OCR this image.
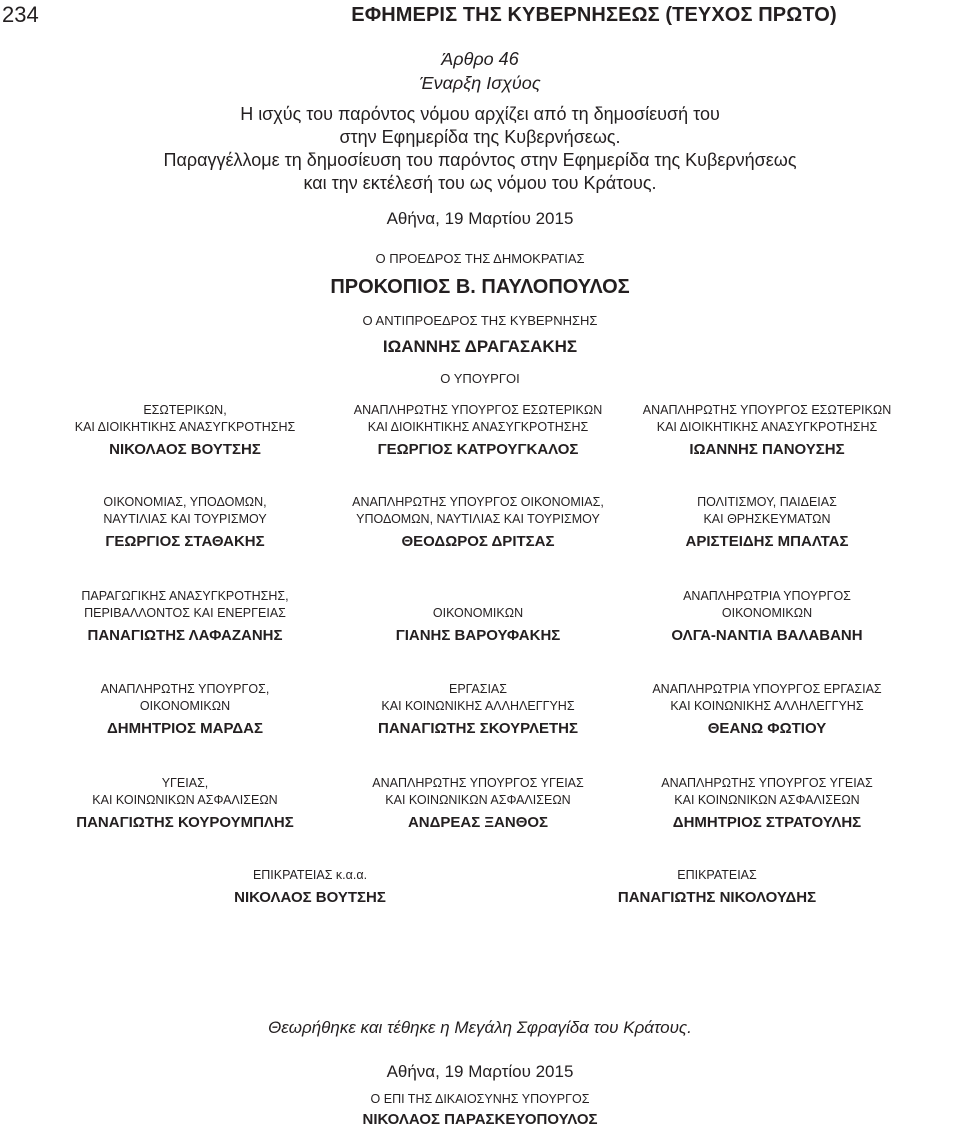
234	ΕΦΗΜΕΡΙΣ ΤΗΣ ΚΥΒΕΡΝΗΣΕΩΣ (ΤΕΥΧΟΣ ΠΡΩΤΟ)
Άρθρο 46
Έναρξη Ισχύος
Η ισχύς του παρόντος νόμου αρχίζει από τη δημοσίευσή του
στην Εφημερίδα της Κυβερνήσεως.
Παραγγέλλομε τη δημοσίευση του παρόντος στην Εφημερίδα της Κυβερνήσεως
και την εκτέλεσή του ως νόμου του Κράτους.
Αθήνα, 19 Μαρτίου 2015
Ο ΠΡΟΕΔΡΟΣ ΤΗΣ ΔΗΜΟΚΡΑΤΙΑΣ
ΠΡΟΚΟΠΙΟΣ Β. ΠΑΥΛΟΠΟΥΛΟΣ
Ο ΑΝΤΙΠΡΟΕΔΡΟΣ ΤΗΣ ΚΥΒΕΡΝΗΣΗΣ
ΙΩΑΝΝΗΣ ΔΡΑΓΑΣΑΚΗΣ
Ο ΥΠΟΥΡΓΟΙ
ΕΣΩΤΕΡΙΚΩΝ,
ΚΑΙ ΔΙΟΙΚΗΤΙΚΗΣ ΑΝΑΣΥΓΚΡΟΤΗΣΗΣ
ΝΙΚΟΛΑΟΣ ΒΟΥΤΣΗΣ
ΑΝΑΠΛΗΡΩΤΗΣ ΥΠΟΥΡΓΟΣ ΕΣΩΤΕΡΙΚΩΝ
ΚΑΙ ΔΙΟΙΚΗΤΙΚΗΣ ΑΝΑΣΥΓΚΡΟΤΗΣΗΣ
ΓΕΩΡΓΙΟΣ ΚΑΤΡΟΥΓΚΑΛΟΣ
ΑΝΑΠΛΗΡΩΤΗΣ ΥΠΟΥΡΓΟΣ ΕΣΩΤΕΡΙΚΩΝ
ΚΑΙ ΔΙΟΙΚΗΤΙΚΗΣ ΑΝΑΣΥΓΚΡΟΤΗΣΗΣ
ΙΩΑΝΝΗΣ ΠΑΝΟΥΣΗΣ
ΟΙΚΟΝΟΜΙΑΣ, ΥΠΟΔΟΜΩΝ,
ΝΑΥΤΙΛΙΑΣ ΚΑΙ ΤΟΥΡΙΣΜΟΥ
ΓΕΩΡΓΙΟΣ ΣΤΑΘΑΚΗΣ
ΑΝΑΠΛΗΡΩΤΗΣ ΥΠΟΥΡΓΟΣ ΟΙΚΟΝΟΜΙΑΣ,
ΥΠΟΔΟΜΩΝ, ΝΑΥΤΙΛΙΑΣ ΚΑΙ ΤΟΥΡΙΣΜΟΥ
ΘΕΟΔΩΡΟΣ ΔΡΙΤΣΑΣ
ΠΟΛΙΤΙΣΜΟΥ, ΠΑΙΔΕΙΑΣ
ΚΑΙ ΘΡΗΣΚΕΥΜΑΤΩΝ
ΑΡΙΣΤΕΙΔΗΣ ΜΠΑΛΤΑΣ
ΠΑΡΑΓΩΓΙΚΗΣ ΑΝΑΣΥΓΚΡΟΤΗΣΗΣ,
ΠΕΡΙΒΑΛΛΟΝΤΟΣ ΚΑΙ ΕΝΕΡΓΕΙΑΣ
ΠΑΝΑΓΙΩΤΗΣ ΛΑΦΑΖΑΝΗΣ

ΟΙΚΟΝΟΜΙΚΩΝ
ΓΙΑΝΗΣ ΒΑΡΟΥΦΑΚΗΣ
ΑΝΑΠΛΗΡΩΤΡΙΑ ΥΠΟΥΡΓΟΣ
ΟΙΚΟΝΟΜΙΚΩΝ
ΟΛΓΑ-ΝΑΝΤΙΑ ΒΑΛΑΒΑΝΗ
ΑΝΑΠΛΗΡΩΤΗΣ ΥΠΟΥΡΓΟΣ,
ΟΙΚΟΝΟΜΙΚΩΝ
ΔΗΜΗΤΡΙΟΣ ΜΑΡΔΑΣ
ΕΡΓΑΣΙΑΣ
ΚΑΙ ΚΟΙΝΩΝΙΚΗΣ ΑΛΛΗΛΕΓΓΥΗΣ
ΠΑΝΑΓΙΩΤΗΣ ΣΚΟΥΡΛΕΤΗΣ
ΑΝΑΠΛΗΡΩΤΡΙΑ ΥΠΟΥΡΓΟΣ ΕΡΓΑΣΙΑΣ
ΚΑΙ ΚΟΙΝΩΝΙΚΗΣ ΑΛΛΗΛΕΓΓΥΗΣ
ΘΕΑΝΩ ΦΩΤΙΟΥ
ΥΓΕΙΑΣ,
ΚΑΙ ΚΟΙΝΩΝΙΚΩΝ ΑΣΦΑΛΙΣΕΩΝ
ΠΑΝΑΓΙΩΤΗΣ ΚΟΥΡΟΥΜΠΛΗΣ
ΑΝΑΠΛΗΡΩΤΗΣ ΥΠΟΥΡΓΟΣ ΥΓΕΙΑΣ
ΚΑΙ ΚΟΙΝΩΝΙΚΩΝ ΑΣΦΑΛΙΣΕΩΝ
ΑΝΔΡΕΑΣ ΞΑΝΘΟΣ
ΑΝΑΠΛΗΡΩΤΗΣ ΥΠΟΥΡΓΟΣ ΥΓΕΙΑΣ
ΚΑΙ ΚΟΙΝΩΝΙΚΩΝ ΑΣΦΑΛΙΣΕΩΝ
ΔΗΜΗΤΡΙΟΣ ΣΤΡΑΤΟΥΛΗΣ
ΕΠΙΚΡΑΤΕΙΑΣ κ.α.α.
ΝΙΚΟΛΑΟΣ ΒΟΥΤΣΗΣ
ΕΠΙΚΡΑΤΕΙΑΣ
ΠΑΝΑΓΙΩΤΗΣ ΝΙΚΟΛΟΥΔΗΣ
Θεωρήθηκε και τέθηκε η Μεγάλη Σφραγίδα του Κράτους.
Αθήνα, 19 Μαρτίου 2015
Ο ΕΠΙ ΤΗΣ ΔΙΚΑΙΟΣΥΝΗΣ ΥΠΟΥΡΓΟΣ
ΝΙΚΟΛΑΟΣ ΠΑΡΑΣΚΕΥΟΠΟΥΛΟΣ
